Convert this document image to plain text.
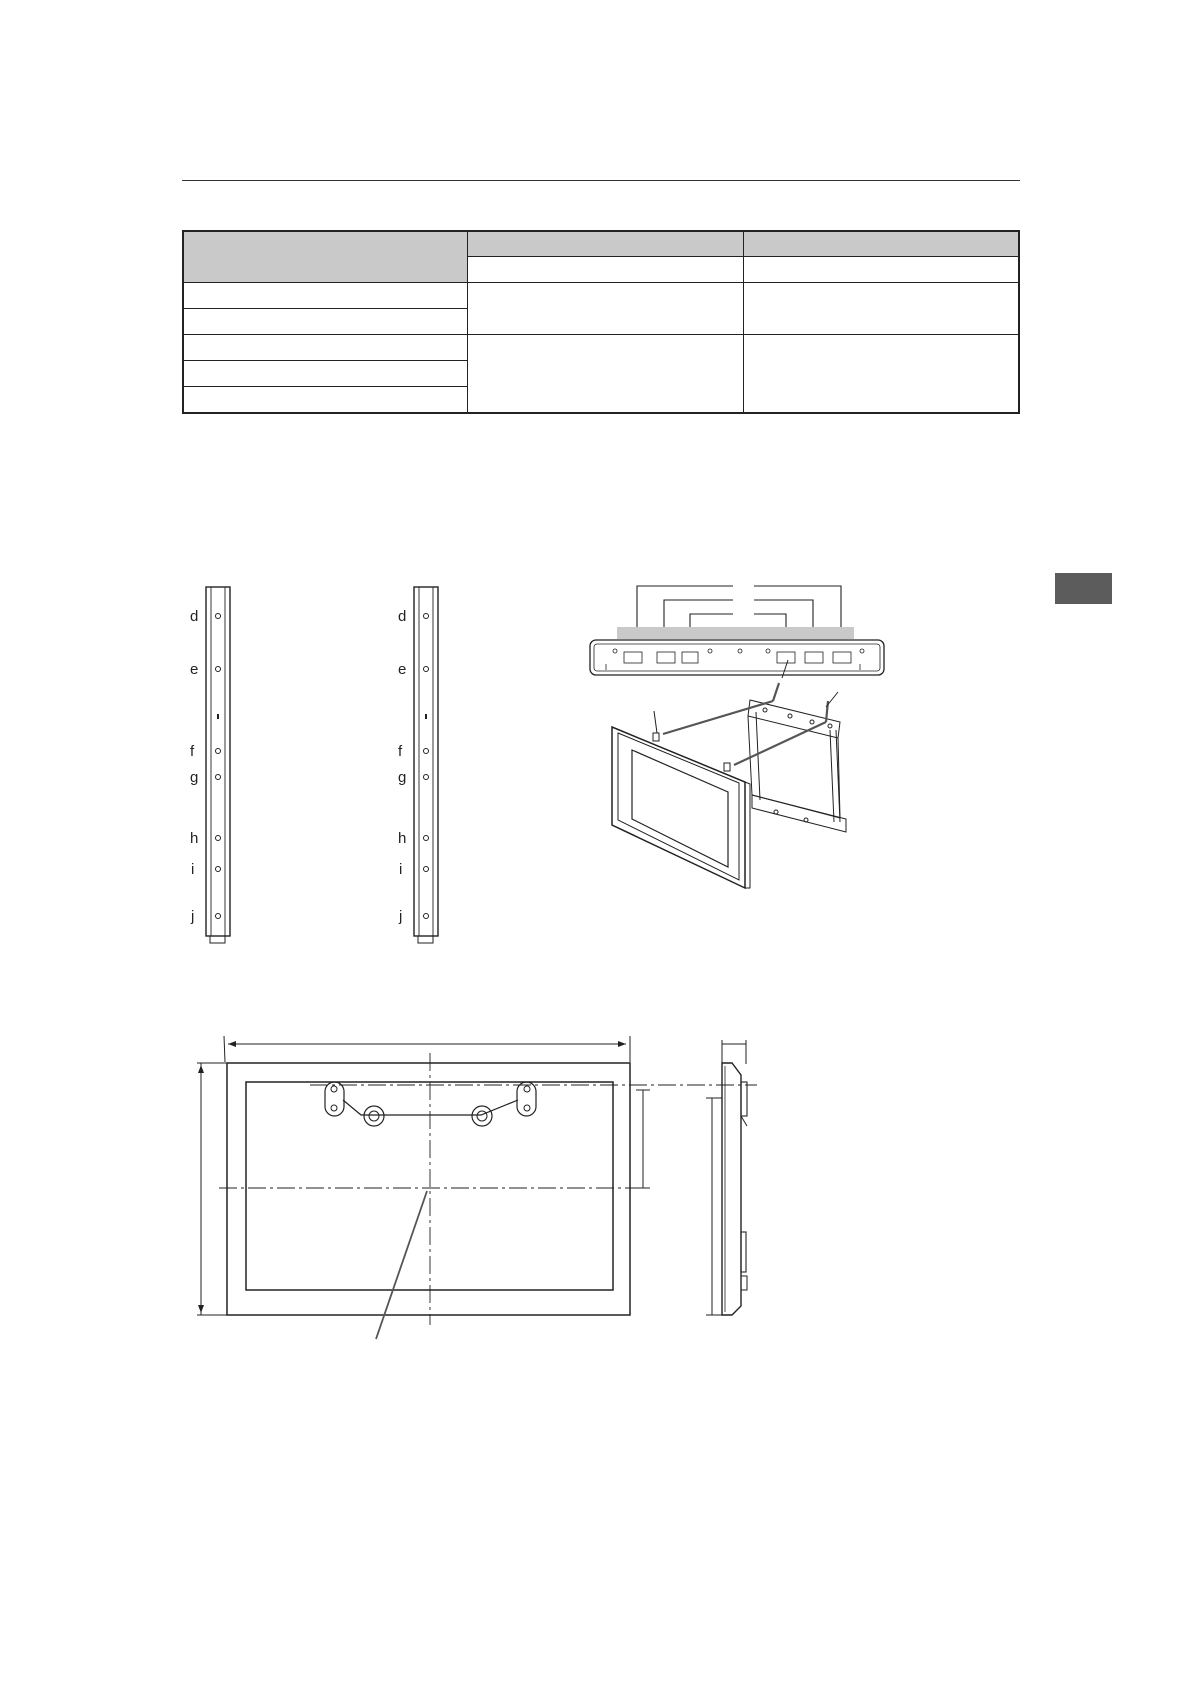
d
e
f
g
h
i
j
d
e
f
g
h
i
j
